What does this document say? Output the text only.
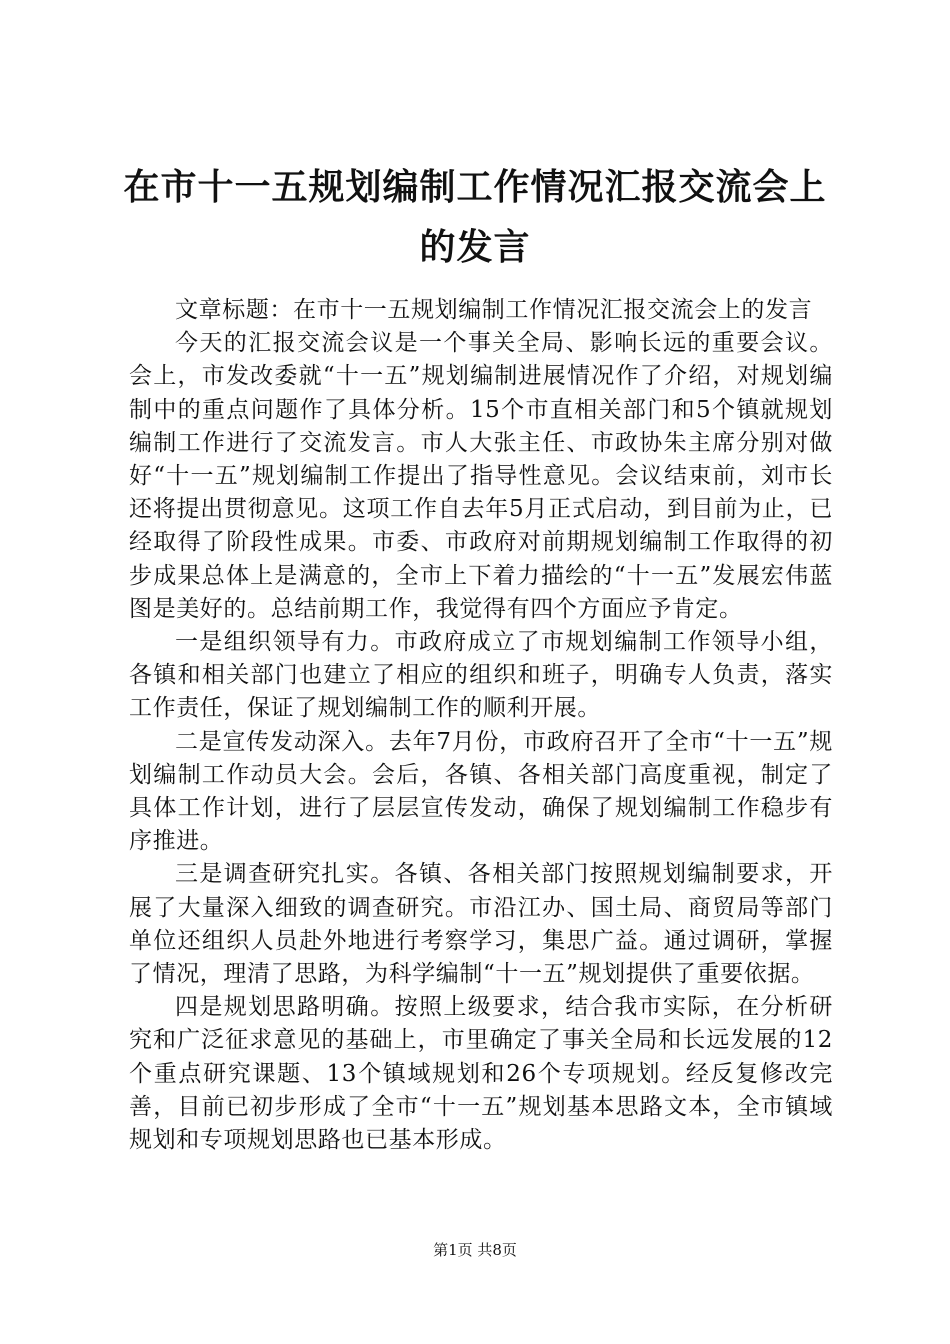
在市十一五规划编制工作情况汇报交流会上的发言

文章标题：在市十一五规划编制工作情况汇报交流会上的发言

今天的汇报交流会议是一个事关全局、影响长远的重要会议。会上，市发改委就“十一五”规划编制进展情况作了介绍，对规划编制中的重点问题作了具体分析。15个市直相关部门和5个镇就规划编制工作进行了交流发言。市人大张主任、市政协朱主席分别对做好“十一五”规划编制工作提出了指导性意见。会议结束前，刘市长还将提出贯彻意见。这项工作自去年5月正式启动，到目前为止，已经取得了阶段性成果。市委、市政府对前期规划编制工作取得的初步成果总体上是满意的，全市上下着力描绘的“十一五”发展宏伟蓝图是美好的。总结前期工作，我觉得有四个方面应予肯定。

一是组织领导有力。市政府成立了市规划编制工作领导小组，各镇和相关部门也建立了相应的组织和班子，明确专人负责，落实工作责任，保证了规划编制工作的顺利开展。

二是宣传发动深入。去年7月份，市政府召开了全市“十一五”规划编制工作动员大会。会后，各镇、各相关部门高度重视，制定了具体工作计划，进行了层层宣传发动，确保了规划编制工作稳步有序推进。

三是调查研究扎实。各镇、各相关部门按照规划编制要求，开展了大量深入细致的调查研究。市沿江办、国土局、商贸局等部门单位还组织人员赴外地进行考察学习，集思广益。通过调研，掌握了情况，理清了思路，为科学编制“十一五”规划提供了重要依据。

四是规划思路明确。按照上级要求，结合我市实际，在分析研究和广泛征求意见的基础上，市里确定了事关全局和长远发展的12个重点研究课题、13个镇域规划和26个专项规划。经反复修改完善，目前已初步形成了全市“十一五”规划基本思路文本，全市镇域规划和专项规划思路也已基本形成。

第1页 共8页
